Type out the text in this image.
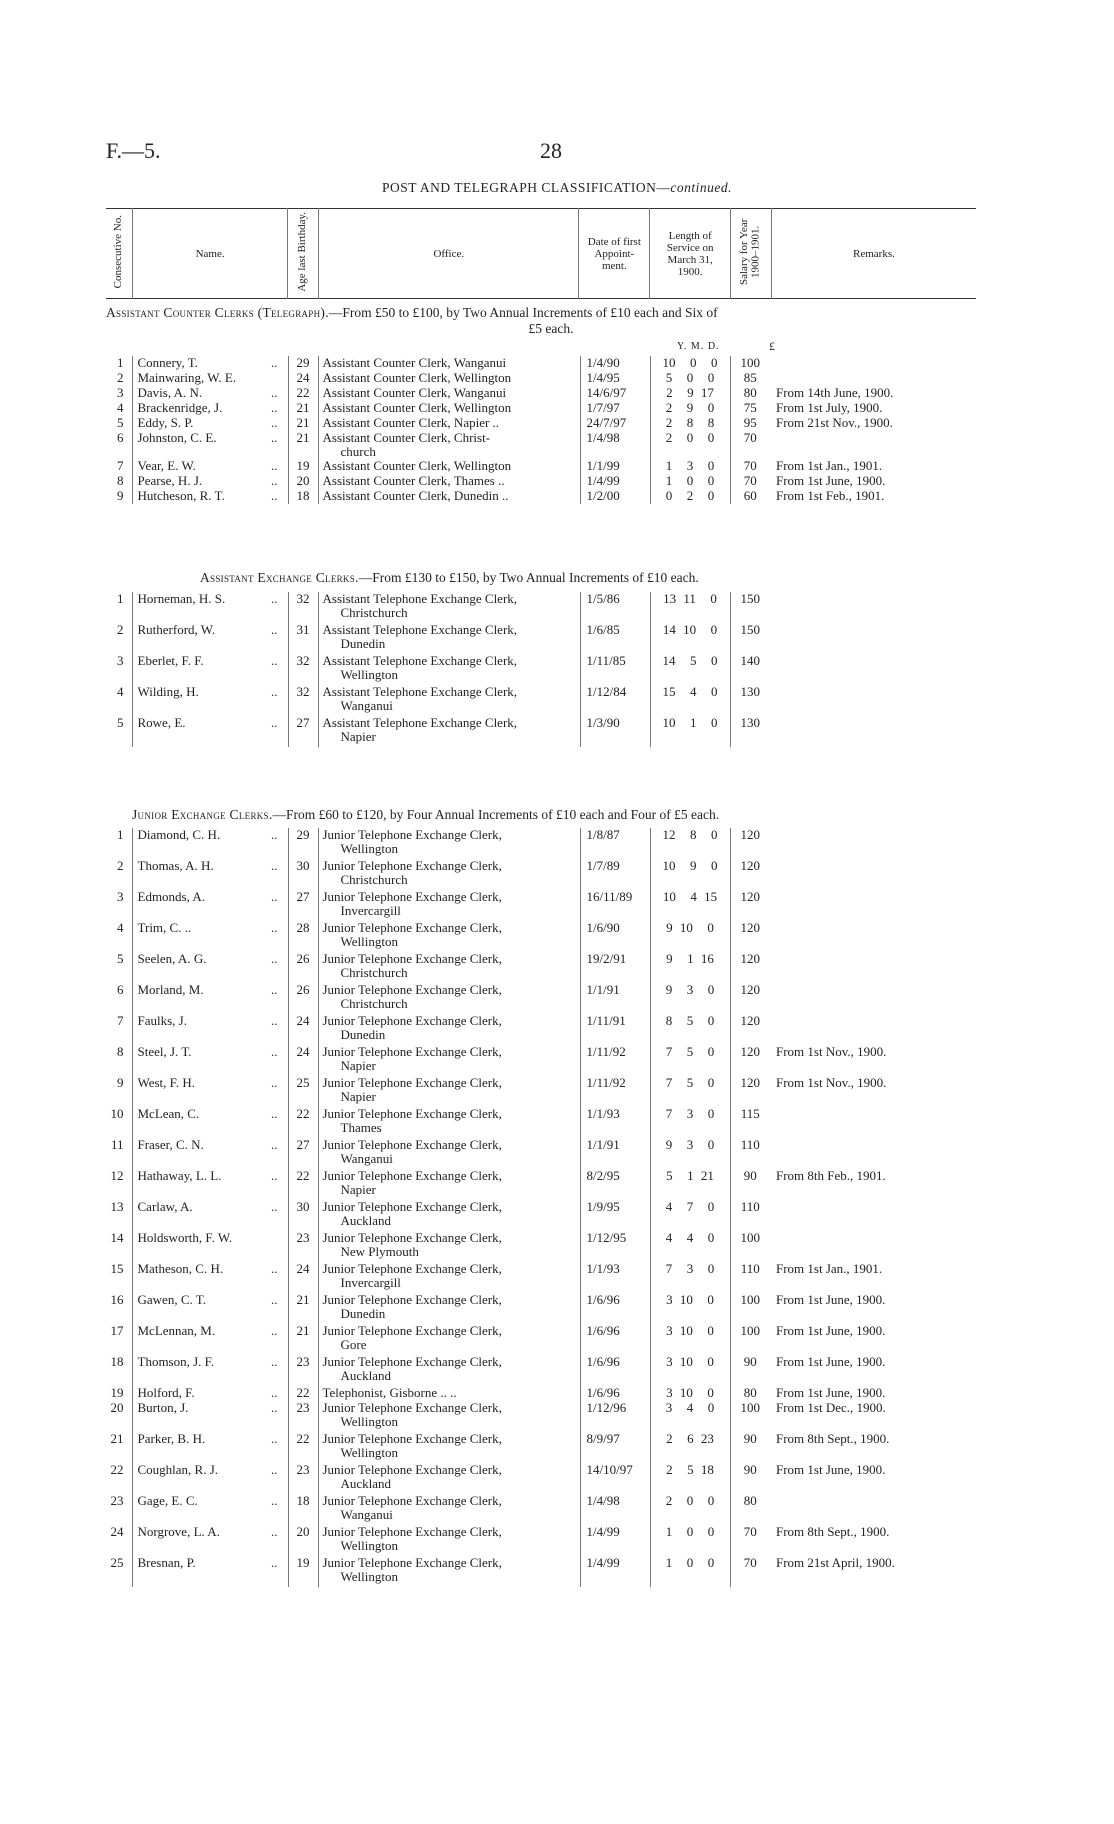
F.—5.	28
POST AND TELEGRAPH CLASSIFICATION—continued.
Consecutive No.	Name.	Age last Birthday.	Office.	
Date of first Appoint-ment.

Length of Service on March 31, 1900.	Salary for Year 1900–1901.	Remarks.
Assistant Counter Clerks (Telegraph).—From £50 to £100, by Two Annual Increments of £10 each and Six of
£5 each.
Y. M. D.	£
1	Connery, T. ..	29	Assistant Counter Clerk, Wanganui	1/4/90	10  0  0	100	
2	Mainwaring, W. E.	24	Assistant Counter Clerk, Wellington	1/4/95	5  0  0	85	
3	Davis, A. N. ..	22	Assistant Counter Clerk, Wanganui	14/6/97	2  9 17	80	From 14th June, 1900.
4	Brackenridge, J. ..	21	Assistant Counter Clerk, Wellington	1/7/97	2  9  0	75	From 1st July, 1900.
5	Eddy, S. P. ..	21	Assistant Counter Clerk, Napier ..	24/7/97	2  8  8	95	From 21st Nov., 1900.
6	Johnston, C. E. ..	21	Assistant Counter Clerk, Christ-
church	1/4/98	2  0  0	70	
7	Vear, E. W. ..	19	Assistant Counter Clerk, Wellington	1/1/99	1  3  0	70	From 1st Jan., 1901.
8	Pearse, H. J. ..	20	Assistant Counter Clerk, Thames ..	1/4/99	1  0  0	70	From 1st June, 1900.
9	Hutcheson, R. T. ..	18	Assistant Counter Clerk, Dunedin ..	1/2/00	0  2  0	60	From 1st Feb., 1901.
Assistant Exchange Clerks.—From £130 to £150, by Two Annual Increments of £10 each.
1	Horneman, H. S. ..	32	Assistant Telephone Exchange Clerk,
Christchurch	1/5/86	13 11  0	150	
2	Rutherford, W. ..	31	Assistant Telephone Exchange Clerk,
Dunedin	1/6/85	14 10  0	150	
3	Eberlet, F. F. ..	32	Assistant Telephone Exchange Clerk,
Wellington	1/11/85	14  5  0	140	
4	Wilding, H. ..	32	Assistant Telephone Exchange Clerk,
Wanganui	1/12/84	15  4  0	130	
5	Rowe, E. ..	27	Assistant Telephone Exchange Clerk,
Napier	1/3/90	10  1  0	130	
Junior Exchange Clerks.—From £60 to £120, by Four Annual Increments of £10 each and Four of £5 each.
1	Diamond, C. H. ..	29	Junior Telephone Exchange Clerk,
Wellington	1/8/87	12  8  0	120	
2	Thomas, A. H. ..	30	Junior Telephone Exchange Clerk,
Christchurch	1/7/89	10  9  0	120	
3	Edmonds, A. ..	27	Junior Telephone Exchange Clerk,
Invercargill	16/11/89	10  4 15	120	
4	Trim, C. .. ..	28	Junior Telephone Exchange Clerk,
Wellington	1/6/90	9 10  0	120	
5	Seelen, A. G. ..	26	Junior Telephone Exchange Clerk,
Christchurch	19/2/91	9  1 16	120	
6	Morland, M. ..	26	Junior Telephone Exchange Clerk,
Christchurch	1/1/91	9  3  0	120	
7	Faulks, J. ..	24	Junior Telephone Exchange Clerk,
Dunedin	1/11/91	8  5  0	120	
8	Steel, J. T. ..	24	Junior Telephone Exchange Clerk,
Napier	1/11/92	7  5  0	120	From 1st Nov., 1900.
9	West, F. H. ..	25	Junior Telephone Exchange Clerk,
Napier	1/11/92	7  5  0	120	From 1st Nov., 1900.
10	McLean, C. ..	22	Junior Telephone Exchange Clerk,
Thames	1/1/93	7  3  0	115	
11	Fraser, C. N. ..	27	Junior Telephone Exchange Clerk,
Wanganui	1/1/91	9  3  0	110	
12	Hathaway, L. L. ..	22	Junior Telephone Exchange Clerk,
Napier	8/2/95	5  1 21	90	From 8th Feb., 1901.
13	Carlaw, A. ..	30	Junior Telephone Exchange Clerk,
Auckland	1/9/95	4  7  0	110	
14	Holdsworth, F. W.	23	Junior Telephone Exchange Clerk,
New Plymouth	1/12/95	4  4  0	100	
15	Matheson, C. H. ..	24	Junior Telephone Exchange Clerk,
Invercargill	1/1/93	7  3  0	110	From 1st Jan., 1901.
16	Gawen, C. T. ..	21	Junior Telephone Exchange Clerk,
Dunedin	1/6/96	3 10  0	100	From 1st June, 1900.
17	McLennan, M. ..	21	Junior Telephone Exchange Clerk,
Gore	1/6/96	3 10  0	100	From 1st June, 1900.
18	Thomson, J. F. ..	23	Junior Telephone Exchange Clerk,
Auckland	1/6/96	3 10  0	90	From 1st June, 1900.
19	Holford, F. ..	22	Telephonist, Gisborne .. ..	1/6/96	3 10  0	80	From 1st June, 1900.
20	Burton, J. ..	23	Junior Telephone Exchange Clerk,
Wellington	1/12/96	3  4  0	100	From 1st Dec., 1900.
21	Parker, B. H. ..	22	Junior Telephone Exchange Clerk,
Wellington	8/9/97	2  6 23	90	From 8th Sept., 1900.
22	Coughlan, R. J. ..	23	Junior Telephone Exchange Clerk,
Auckland	14/10/97	2  5 18	90	From 1st June, 1900.
23	Gage, E. C. ..	18	Junior Telephone Exchange Clerk,
Wanganui	1/4/98	2  0  0	80	
24	Norgrove, L. A. ..	20	Junior Telephone Exchange Clerk,
Wellington	1/4/99	1  0  0	70	From 8th Sept., 1900.
25	Bresnan, P. ..	19	Junior Telephone Exchange Clerk,
Wellington	1/4/99	1  0  0	70	From 21st April, 1900.
